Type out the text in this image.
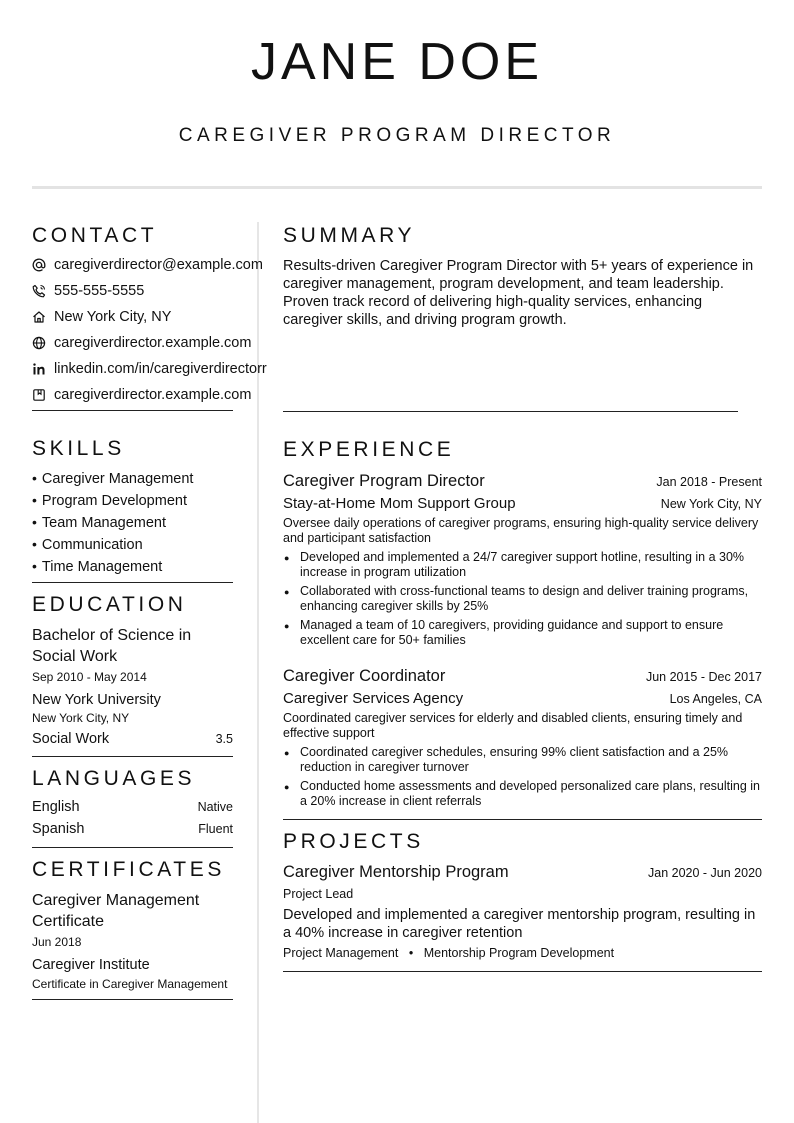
JANE DOE
CAREGIVER PROGRAM DIRECTOR
CONTACT
caregiverdirector@example.com
555-555-5555
New York City, NY
caregiverdirector.example.com
linkedin.com/in/caregiverdirectorr
caregiverdirector.example.com
SKILLS
• Caregiver Management
• Program Development
• Team Management
• Communication
• Time Management
EDUCATION
Bachelor of Science in Social Work
Sep 2010 - May 2014
New York University
New York City, NY
Social Work	3.5
LANGUAGES
English	Native
Spanish	Fluent
CERTIFICATES
Caregiver Management Certificate
Jun 2018
Caregiver Institute
Certificate in Caregiver Management
SUMMARY
Results-driven Caregiver Program Director with 5+ years of experience in caregiver management, program development, and team leadership. Proven track record of delivering high-quality services, enhancing caregiver skills, and driving program growth.
EXPERIENCE
Caregiver Program Director	Jan 2018 - Present
Stay-at-Home Mom Support Group	New York City, NY
Oversee daily operations of caregiver programs, ensuring high-quality service delivery and participant satisfaction
● Developed and implemented a 24/7 caregiver support hotline, resulting in a 30% increase in program utilization
● Collaborated with cross-functional teams to design and deliver training programs, enhancing caregiver skills by 25%
● Managed a team of 10 caregivers, providing guidance and support to ensure excellent care for 50+ families
Caregiver Coordinator	Jun 2015 - Dec 2017
Caregiver Services Agency	Los Angeles, CA
Coordinated caregiver services for elderly and disabled clients, ensuring timely and effective support
● Coordinated caregiver schedules, ensuring 99% client satisfaction and a 25% reduction in caregiver turnover
● Conducted home assessments and developed personalized care plans, resulting in a 20% increase in client referrals
PROJECTS
Caregiver Mentorship Program	Jan 2020 - Jun 2020
Project Lead
Developed and implemented a caregiver mentorship program, resulting in a 40% increase in caregiver retention
Project Management • Mentorship Program Development
